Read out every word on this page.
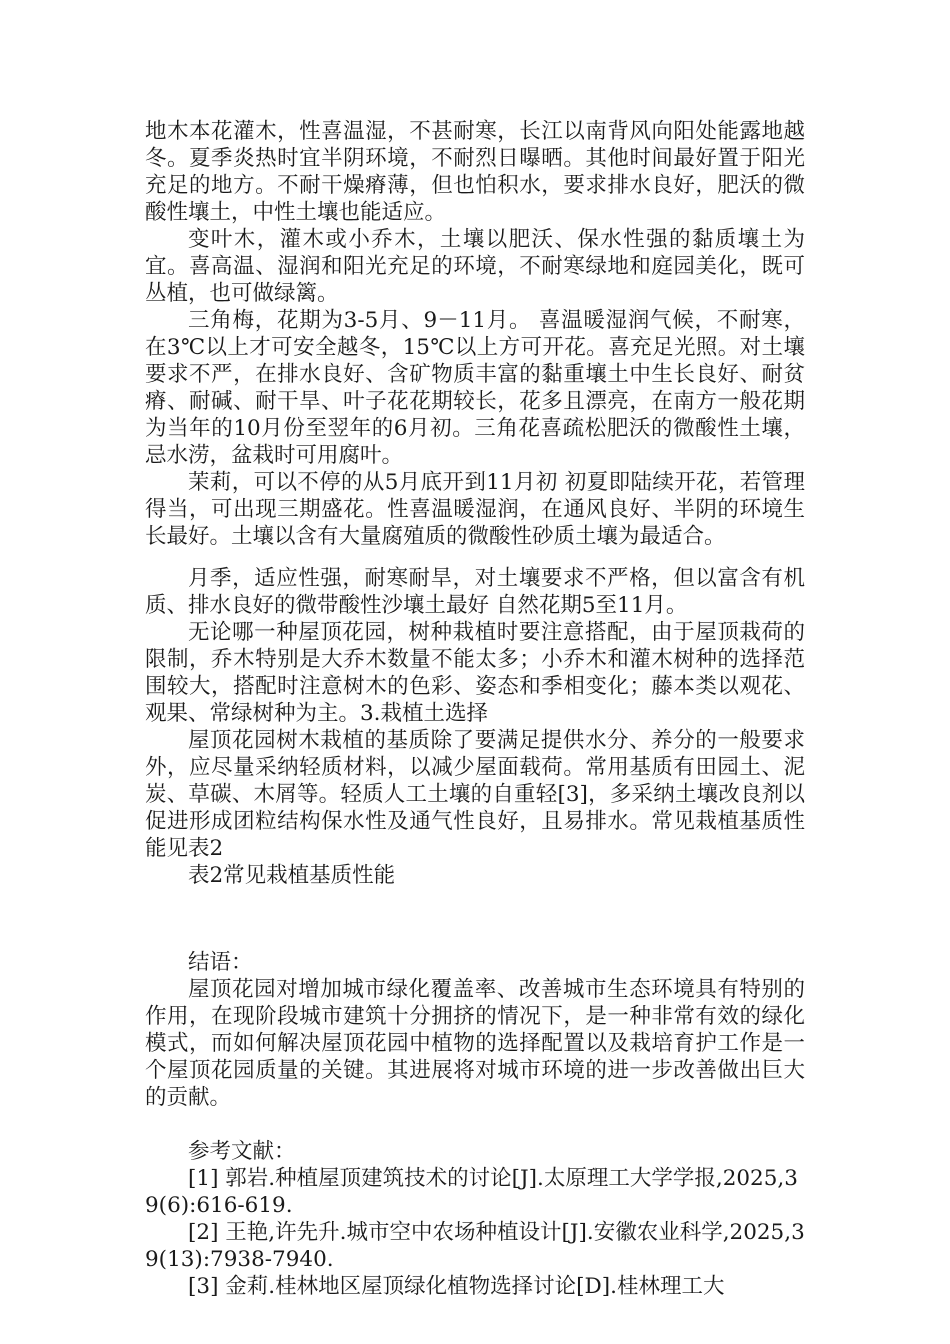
地木本花灌木，性喜温湿，不甚耐寒，长江以南背风向阳处能露地越冬。夏季炎热时宜半阴环境，不耐烈日曝晒。其他时间最好置于阳光充足的地方。不耐干燥瘠薄，但也怕积水，要求排水良好，肥沃的微酸性壤土，中性土壤也能适应。

变叶木，灌木或小乔木，土壤以肥沃、保水性强的黏质壤土为宜。喜高温、湿润和阳光充足的环境，不耐寒绿地和庭园美化，既可丛植，也可做绿篱。

三角梅，花期为3-5月、9－11月。 喜温暖湿润气候，不耐寒，在3℃以上才可安全越冬，15℃以上方可开花。喜充足光照。对土壤要求不严，在排水良好、含矿物质丰富的黏重壤土中生长良好、耐贫瘠、耐碱、耐干旱、叶子花花期较长，花多且漂亮，在南方一般花期为当年的10月份至翌年的6月初。三角花喜疏松肥沃的微酸性土壤，忌水涝，盆栽时可用腐叶。

茉莉，可以不停的从5月底开到11月初 初夏即陆续开花，若管理得当，可出现三期盛花。性喜温暖湿润，在通风良好、半阴的环境生长最好。土壤以含有大量腐殖质的微酸性砂质土壤为最适合。

月季，适应性强，耐寒耐旱，对土壤要求不严格，但以富含有机质、排水良好的微带酸性沙壤土最好 自然花期5至11月。

无论哪一种屋顶花园，树种栽植时要注意搭配，由于屋顶栽荷的限制，乔木特别是大乔木数量不能太多；小乔木和灌木树种的选择范围较大，搭配时注意树木的色彩、姿态和季相变化；藤本类以观花、观果、常绿树种为主。3.栽植土选择

屋顶花园树木栽植的基质除了要满足提供水分、养分的一般要求外，应尽量采纳轻质材料，以减少屋面载荷。常用基质有田园土、泥炭、草碳、木屑等。轻质人工土壤的自重轻[3]，多采纳土壤改良剂以促进形成团粒结构保水性及通气性良好，且易排水。常见栽植基质性能见表2

表2常见栽植基质性能

结语：

屋顶花园对增加城市绿化覆盖率、改善城市生态环境具有特别的作用，在现阶段城市建筑十分拥挤的情况下，是一种非常有效的绿化模式，而如何解决屋顶花园中植物的选择配置以及栽培育护工作是一个屋顶花园质量的关键。其进展将对城市环境的进一步改善做出巨大的贡献。

参考文献：

[1] 郭岩.种植屋顶建筑技术的讨论[J].太原理工大学学报,2025,39(6):616-619.

[2] 王艳,许先升.城市空中农场种植设计[J].安徽农业科学,2025,39(13):7938-7940.

[3] 金莉.桂林地区屋顶绿化植物选择讨论[D].桂林理工大
